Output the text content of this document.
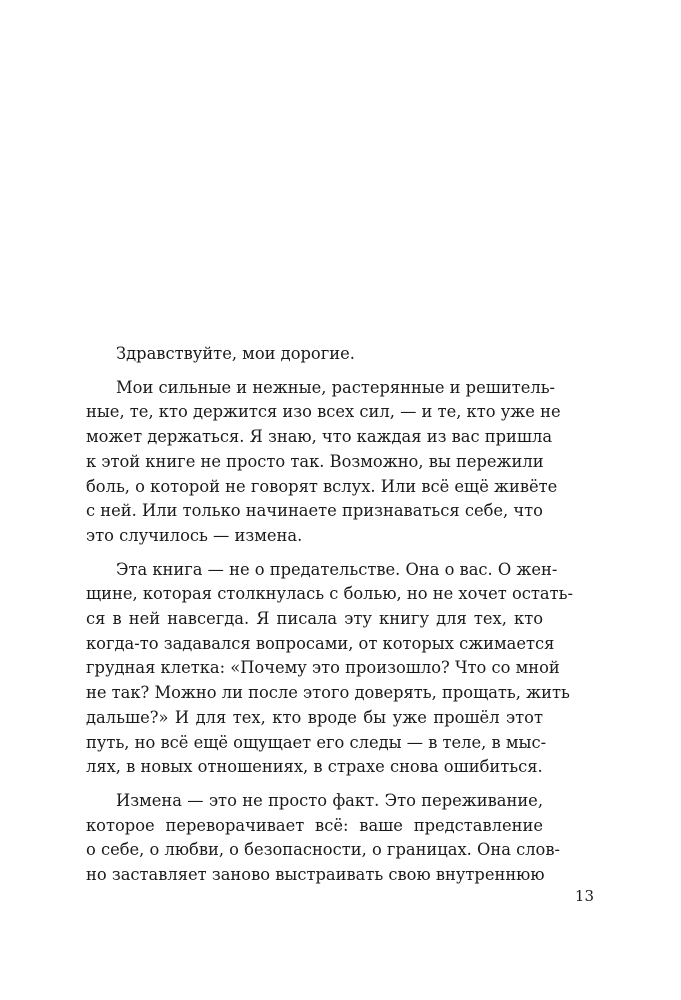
Здравствуйте, мои дорогие.
Мои сильные и нежные, растерянные и решитель-
ные, те, кто держится изо всех сил, — и те, кто уже не
может держаться. Я знаю, что каждая из вас пришла
к этой книге не просто так. Возможно, вы пережили
боль, о которой не говорят вслух. Или всё ещё живёте
с ней. Или только начинаете признаваться себе, что
это случилось — измена.
Эта книга — не о предательстве. Она о вас. О жен-
щине, которая столкнулась с болью, но не хочет остать-
ся в ней навсегда. Я писала эту книгу для тех, кто
когда-то задавался вопросами, от которых сжимается
грудная клетка: «Почему это произошло? Что со мной
не так? Можно ли после этого доверять, прощать, жить
дальше?» И для тех, кто вроде бы уже прошёл этот
путь, но всё ещё ощущает его следы — в теле, в мыс-
лях, в новых отношениях, в страхе снова ошибиться.
Измена — это не просто факт. Это переживание,
которое переворачивает всё: ваше представление
о себе, о любви, о безопасности, о границах. Она слов-
но заставляет заново выстраивать свою внутреннюю
13
